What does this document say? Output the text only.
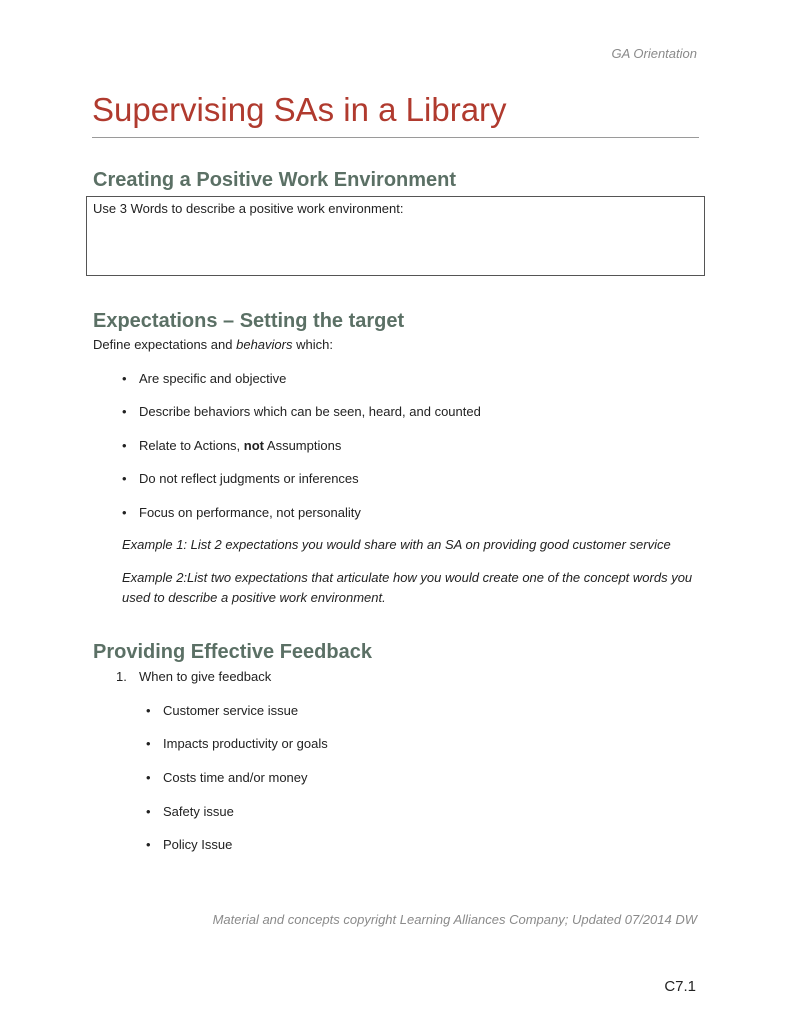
GA Orientation
Supervising SAs in a Library
Creating a Positive Work Environment
Use 3 Words to describe a positive work environment:
Expectations – Setting the target
Define expectations and behaviors which:
• Are specific and objective
• Describe behaviors which can be seen, heard, and counted
• Relate to Actions, not Assumptions
• Do not reflect judgments or inferences
• Focus on performance, not personality
Example 1: List 2 expectations you would share with an SA on providing good customer service
Example 2:List two expectations that articulate how you would create one of the concept words you used to describe a positive work environment.
Providing Effective Feedback
1. When to give feedback
• Customer service issue
• Impacts productivity or goals
• Costs time and/or money
• Safety issue
• Policy Issue
Material and concepts copyright Learning Alliances Company; Updated 07/2014 DW
C7.1
